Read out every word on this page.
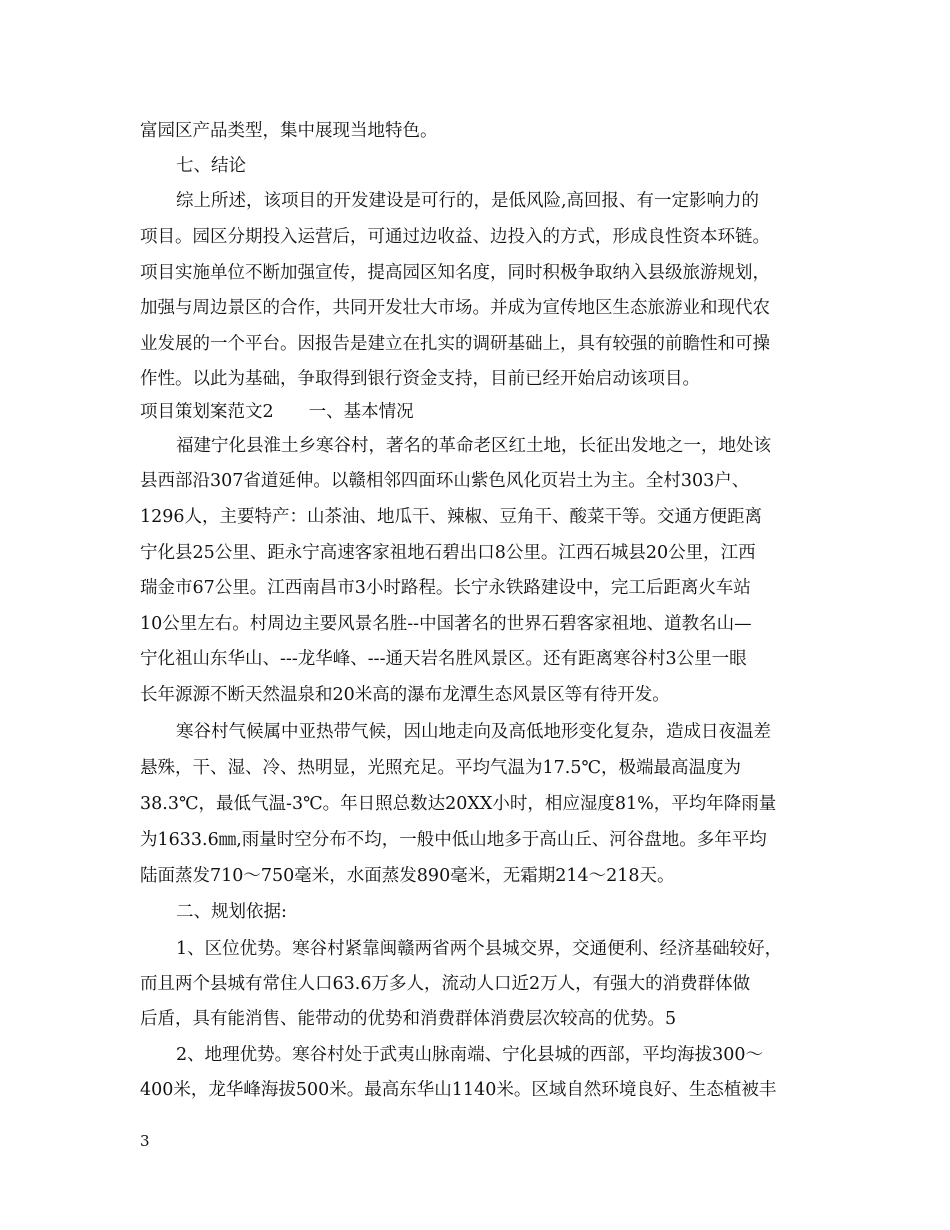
富园区产品类型，集中展现当地特色。
七、结论
综上所述，该项目的开发建设是可行的，是低风险,高回报、有一定影响力的
项目。园区分期投入运营后，可通过边收益、边投入的方式，形成良性资本环链。
项目实施单位不断加强宣传，提高园区知名度，同时积极争取纳入县级旅游规划，
加强与周边景区的合作，共同开发壮大市场。并成为宣传地区生态旅游业和现代农
业发展的一个平台。因报告是建立在扎实的调研基础上，具有较强的前瞻性和可操
作性。以此为基础，争取得到银行资金支持，目前已经开始启动该项目。
项目策划案范文2　　一、基本情况
福建宁化县淮土乡寒谷村，著名的革命老区红土地，长征出发地之一，地处该
县西部沿307省道延伸。以赣相邻四面环山紫色风化页岩土为主。全村303户、
1296人，主要特产：山茶油、地瓜干、辣椒、豆角干、酸菜干等。交通方便距离
宁化县25公里、距永宁高速客家祖地石碧出口8公里。江西石城县20公里，江西
瑞金市67公里。江西南昌市3小时路程。长宁永铁路建设中，完工后距离火车站
10公里左右。村周边主要风景名胜--中国著名的世界石碧客家祖地、道教名山—
宁化祖山东华山、---龙华峰、---通天岩名胜风景区。还有距离寒谷村3公里一眼
长年源源不断天然温泉和20米高的瀑布龙潭生态风景区等有待开发。
寒谷村气候属中亚热带气候，因山地走向及高低地形变化复杂，造成日夜温差
悬殊，干、湿、冷、热明显，光照充足。平均气温为17.5℃，极端最高温度为
38.3℃，最低气温-3℃。年日照总数达20XX小时，相应湿度81%，平均年降雨量
为1633.6㎜,雨量时空分布不均，一般中低山地多于高山丘、河谷盘地。多年平均
陆面蒸发710～750毫米，水面蒸发890毫米，无霜期214～218天。
二、规划依据:
1、区位优势。寒谷村紧靠闽赣两省两个县城交界，交通便利、经济基础较好，
而且两个县城有常住人口63.6万多人，流动人口近2万人，有强大的消费群体做
后盾，具有能消售、能带动的优势和消费群体消费层次较高的优势。5
2、地理优势。寒谷村处于武夷山脉南端、宁化县城的西部，平均海拔300～
400米，龙华峰海拔500米。最高东华山1140米。区域自然环境良好、生态植被丰
3
